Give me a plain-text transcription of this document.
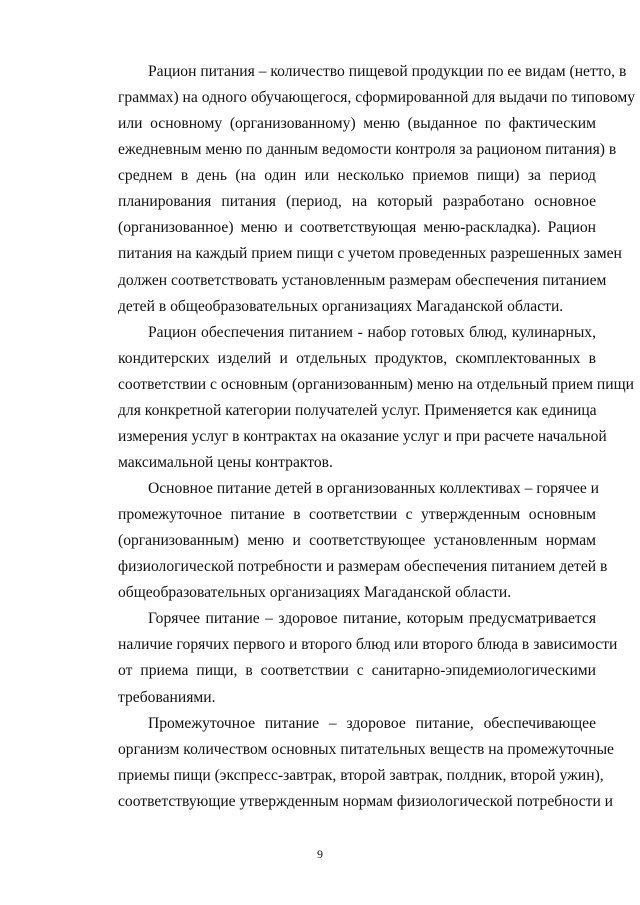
Рацион питания – количество пищевой продукции по ее видам (нетто, в
граммах) на одного обучающегося, сформированной для выдачи по типовому
или основному (организованному) меню (выданное по фактическим
ежедневным меню по данным ведомости контроля за рационом питания) в
среднем в день (на один или несколько приемов пищи) за период
планирования питания (период, на который разработано основное
(организованное) меню и соответствующая меню-раскладка). Рацион
питания на каждый прием пищи с учетом проведенных разрешенных замен
должен соответствовать установленным размерам обеспечения питанием
детей в общеобразовательных организациях Магаданской области.
Рацион обеспечения питанием - набор готовых блюд, кулинарных,
кондитерских изделий и отдельных продуктов, скомплектованных в
соответствии с основным (организованным) меню на отдельный прием пищи
для конкретной категории получателей услуг. Применяется как единица
измерения услуг в контрактах на оказание услуг и при расчете начальной
максимальной цены контрактов.
Основное питание детей в организованных коллективах – горячее и
промежуточное питание в соответствии с утвержденным основным
(организованным) меню и соответствующее установленным нормам
физиологической потребности и размерам обеспечения питанием детей в
общеобразовательных организациях Магаданской области.
Горячее питание – здоровое питание, которым предусматривается
наличие горячих первого и второго блюд или второго блюда в зависимости
от приема пищи, в соответствии с санитарно-эпидемиологическими
требованиями.
Промежуточное питание – здоровое питание, обеспечивающее
организм количеством основных питательных веществ на промежуточные
приемы пищи (экспресс-завтрак, второй завтрак, полдник, второй ужин),
соответствующие утвержденным нормам физиологической потребности и
9
